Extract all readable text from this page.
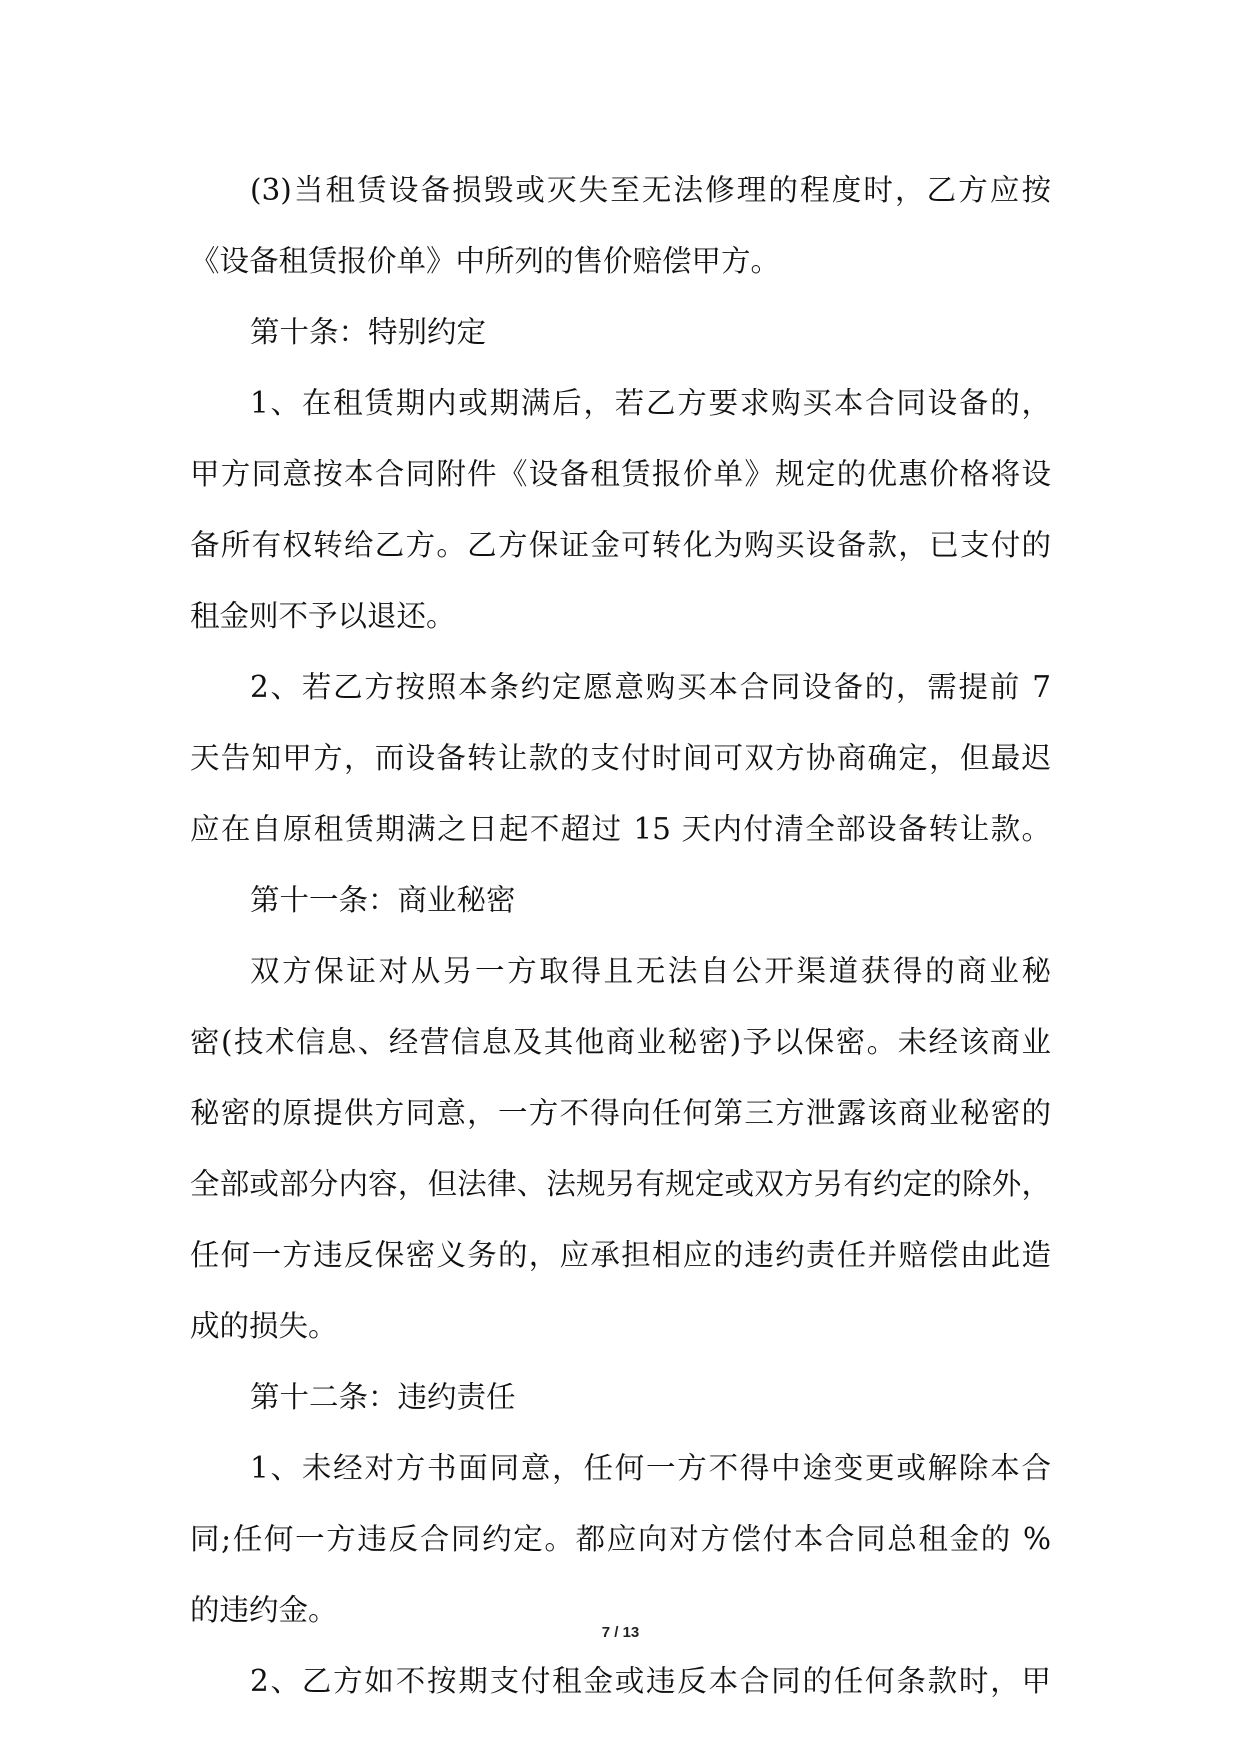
(3)当租赁设备损毁或灭失至无法修理的程度时，乙方应按
《设备租赁报价单》中所列的售价赔偿甲方。
第十条：特别约定
1、在租赁期内或期满后，若乙方要求购买本合同设备的，
甲方同意按本合同附件《设备租赁报价单》规定的优惠价格将设
备所有权转给乙方。乙方保证金可转化为购买设备款，已支付的
租金则不予以退还。
2、若乙方按照本条约定愿意购买本合同设备的，需提前 7
天告知甲方，而设备转让款的支付时间可双方协商确定，但最迟
应在自原租赁期满之日起不超过 15 天内付清全部设备转让款。
第十一条：商业秘密
双方保证对从另一方取得且无法自公开渠道获得的商业秘
密(技术信息、经营信息及其他商业秘密)予以保密。未经该商业
秘密的原提供方同意，一方不得向任何第三方泄露该商业秘密的
全部或部分内容，但法律、法规另有规定或双方另有约定的除外，
任何一方违反保密义务的，应承担相应的违约责任并赔偿由此造
成的损失。
第十二条：违约责任
1、未经对方书面同意，任何一方不得中途变更或解除本合
同;任何一方违反合同约定。都应向对方偿付本合同总租金的 %
的违约金。
2、乙方如不按期支付租金或违反本合同的任何条款时，甲
7 / 13
